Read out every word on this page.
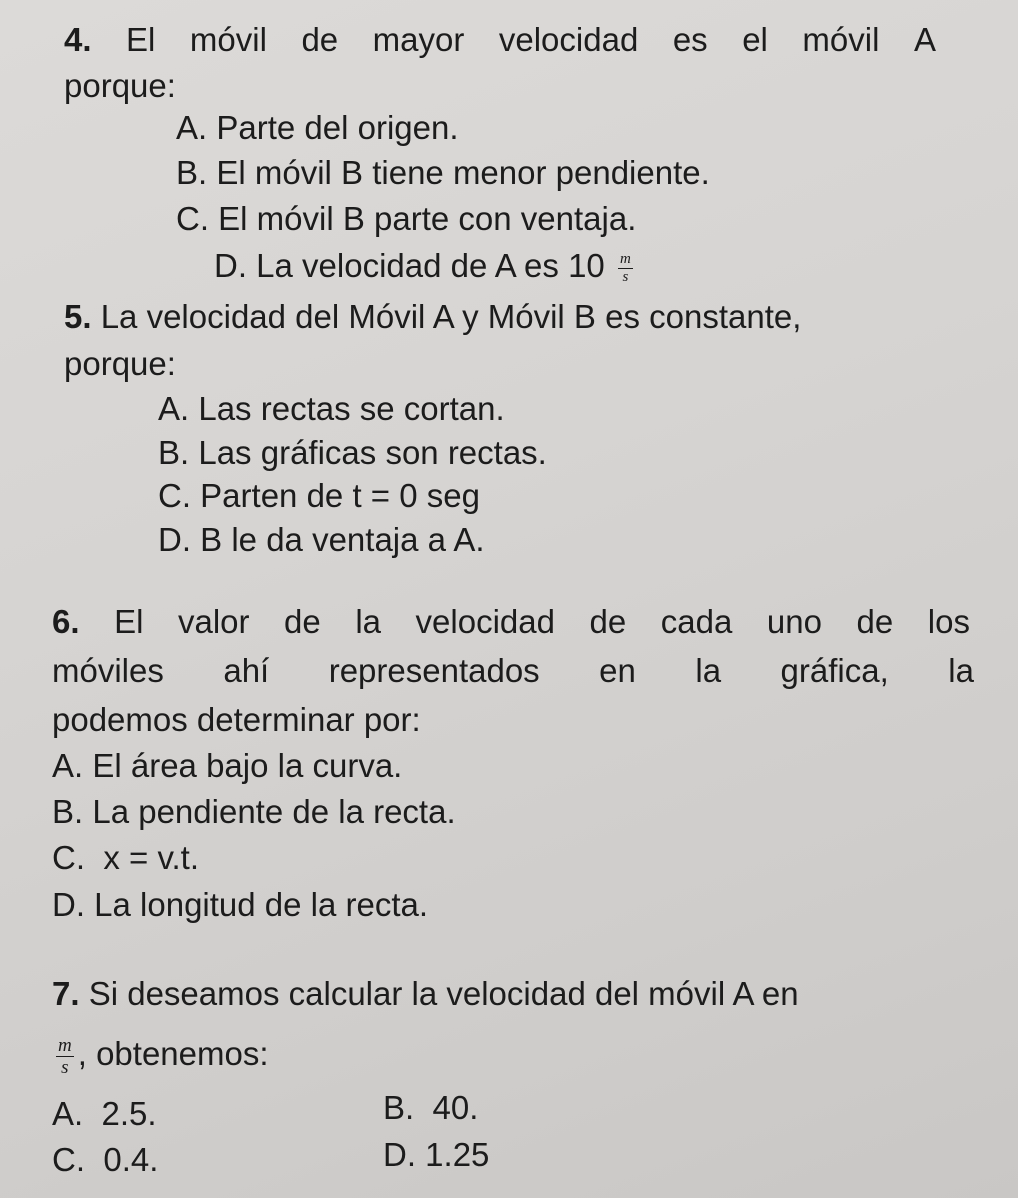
4. El móvil de mayor velocidad es el móvil A
porque:
A. Parte del origen.
B. El móvil B tiene menor pendiente.
C. El móvil B parte con ventaja.
D. La velocidad de A es $10 \frac{m}{s}$
5. La velocidad del Móvil A y Móvil B es constante,
porque:
A. Las rectas se cortan.
B. Las gráficas son rectas.
C. Parten de t = 0 seg
D. B le da ventaja a A.
6. El valor de la velocidad de cada uno de los
móviles ahí representados en la gráfica, la
podemos determinar por:
A. El área bajo la curva.
B. La pendiente de la recta.
C.  x = v.t.
D. La longitud de la recta.
7. Si deseamos calcular la velocidad del móvil A en
$\frac{m}{s}$ , obtenemos:
A.  2.5.	B.  40.
C.  0.4.	D. 1.25
